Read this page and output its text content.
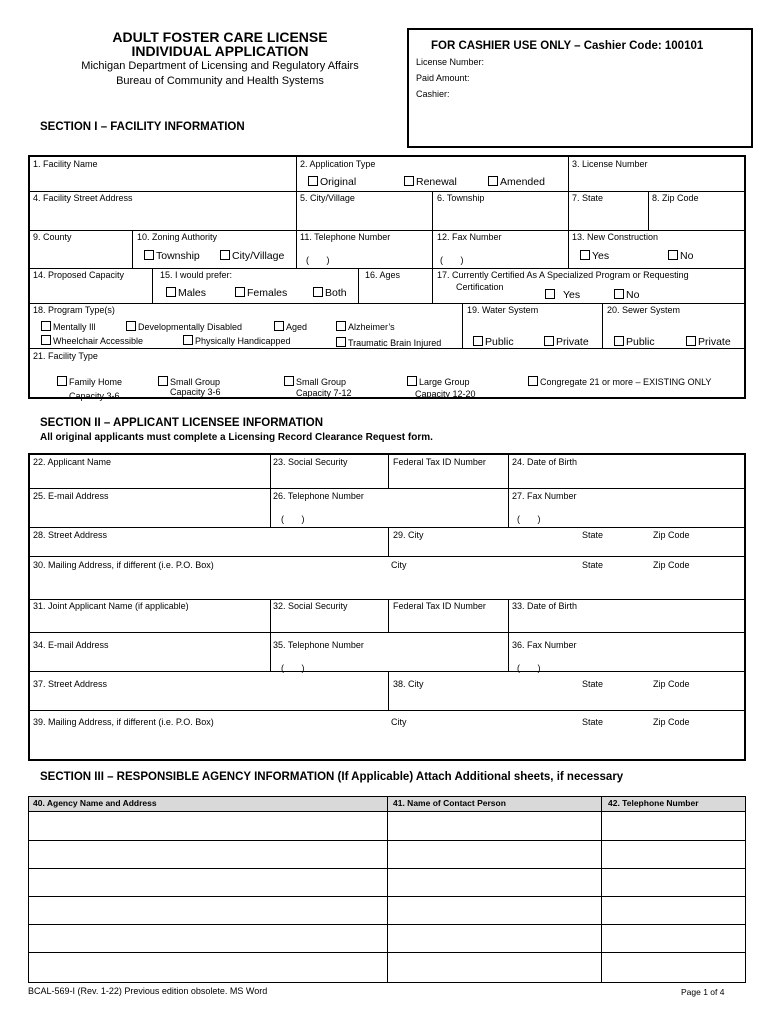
ADULT FOSTER CARE LICENSE
INDIVIDUAL APPLICATION
Michigan Department of Licensing and Regulatory Affairs
Bureau of Community and Health Systems
FOR CASHIER USE ONLY – Cashier Code: 100101
License Number:
Paid Amount:
Cashier:
SECTION I – FACILITY INFORMATION
1. Facility Name	2. Application Type	3. License Number
Original	Renewal	Amended
4. Facility Street Address	5. City/Village	6. Township	7. State	8. Zip Code
9. County	10. Zoning Authority
Township	City/Village
11. Telephone Number
(       )
12. Fax Number
(       )
13. New Construction
Yes	No
14. Proposed Capacity	15. I would prefer:
Males	Females	Both
16. Ages	17. Currently Certified As A Specialized Program or Requesting
Certification
Yes	No
18. Program Type(s)
Mentally Ill	Developmentally Disabled	Aged	Alzheimer’s
Wheelchair Accessible	Physically Handicapped	Traumatic Brain Injured
19. Water System
Public	Private
20. Sewer System
Public	Private
21. Facility Type
Family Home
Capacity 3-6
Small Group
Capacity 3-6
Small Group
Capacity 7-12
Large Group
Capacity 12-20
Congregate 21 or more – EXISTING ONLY
SECTION II – APPLICANT LICENSEE INFORMATION
All original applicants must complete a Licensing Record Clearance Request form.
22. Applicant Name	23. Social Security	Federal Tax ID Number	24. Date of Birth
25. E-mail Address	26. Telephone Number
(       )
27. Fax Number
(       )
28. Street Address	29. City	State	Zip Code
30. Mailing Address, if different (i.e. P.O. Box)	City	State	Zip Code
31. Joint Applicant Name (if applicable)	32. Social Security	Federal Tax ID Number	33. Date of Birth
34. E-mail Address	35. Telephone Number
(       )
36. Fax Number
(       )
37. Street Address	38. City	State	Zip Code
39. Mailing Address, if different (i.e. P.O. Box)	City	State	Zip Code
SECTION III – RESPONSIBLE AGENCY INFORMATION (If Applicable) Attach Additional sheets, if necessary
40. Agency Name and Address	41. Name of Contact Person	42. Telephone Number
BCAL-569-I (Rev. 1-22) Previous edition obsolete. MS Word	Page 1 of 4
